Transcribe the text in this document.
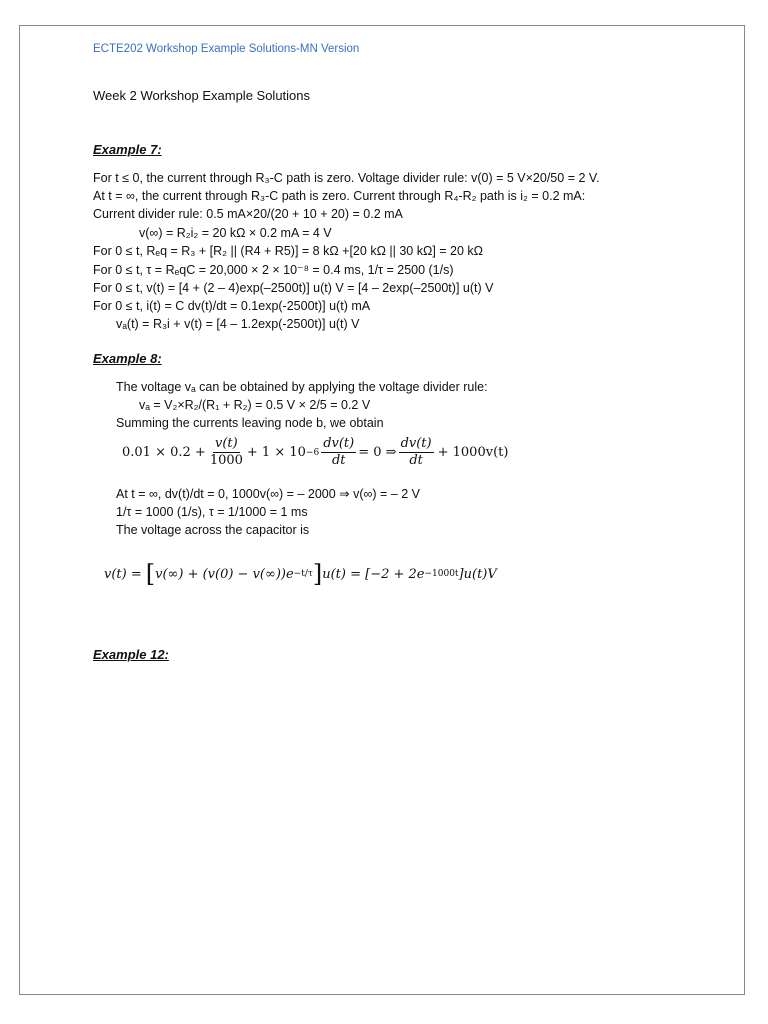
ECTE202 Workshop Example Solutions-MN Version
Week 2 Workshop Example Solutions
Example 7:
For t ≤ 0, the current through R₃-C path is zero. Voltage divider rule: v(0) = 5 V×20/50 = 2 V.
At t = ∞, the current through R₃-C path is zero. Current through R₄-R₂ path is i₂ = 0.2 mA:
Current divider rule: 0.5 mA×20/(20 + 10 + 20) = 0.2 mA
v(∞) = R₂i₂ = 20 kΩ × 0.2 mA = 4 V
For 0 ≤ t, Rₑq = R₃ + [R₂ || (R4 + R5)] = 8 kΩ +[20 kΩ || 30 kΩ] = 20 kΩ
For 0 ≤ t, τ = RₑqC = 20,000 × 2 × 10⁻⁸ = 0.4 ms, 1/τ = 2500 (1/s)
For 0 ≤ t, v(t) = [4 + (2 – 4)exp(–2500t)] u(t) V = [4 – 2exp(–2500t)] u(t) V
For 0 ≤ t, i(t) = C dv(t)/dt = 0.1exp(-2500t)] u(t) mA
vₐ(t) = R₃i + v(t) = [4 – 1.2exp(-2500t)] u(t) V
Example 8:
The voltage vₐ can be obtained by applying the voltage divider rule:
vₐ = V₂×R₂/(R₁ + R₂) = 0.5 V × 2/5 = 0.2 V
Summing the currents leaving node b, we obtain
$0.01 \times 0.2 + \frac{v(t)}{1000} + 1 \times 10 -6 \frac{dv(t)}{dt} = 0$ ⇒ $\frac{dv(t)}{dt} + 1000v(t)$
At t = ∞, dv(t)/dt = 0, 1000v(∞) = – 2000 ⇒ v(∞) = – 2 V
1/τ = 1000 (1/s), τ = 1/1000 = 1 ms
The voltage across the capacitor is
v(t) = [ v(∞) + (v(0) − v(∞))e −t/τ ] u(t) = [−2 + 2e −1000t ]u(t)V
Example 12:
